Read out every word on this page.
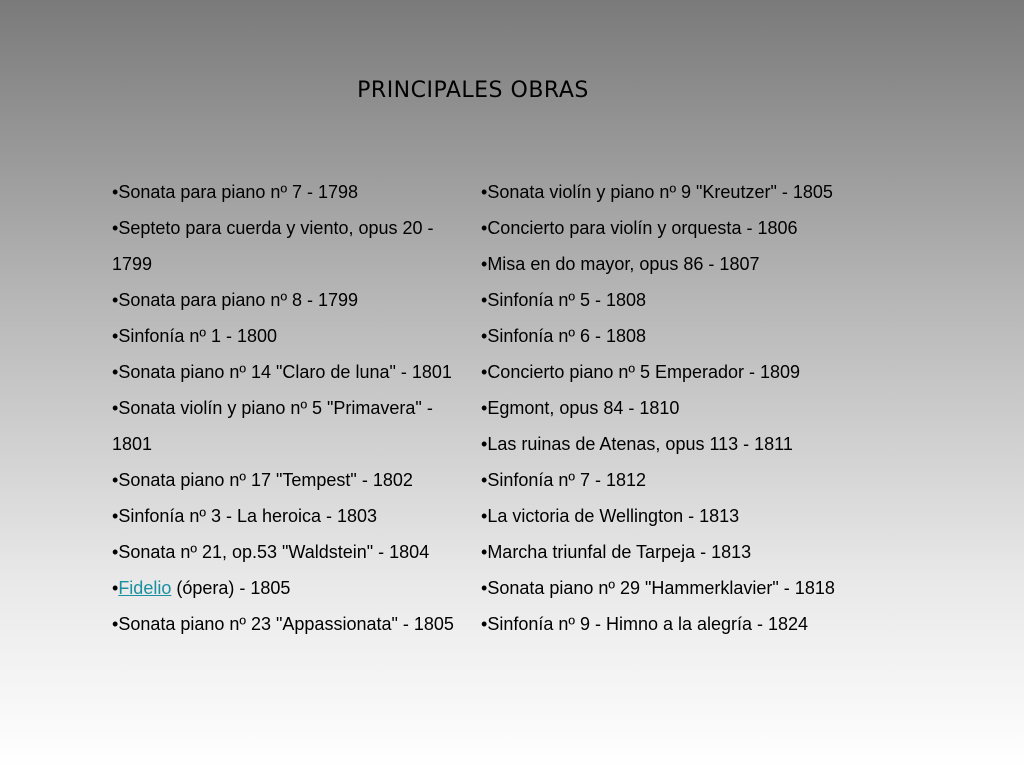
PRINCIPALES OBRAS
•Sonata para piano nº 7 - 1798
•Septeto para cuerda y viento, opus 20 - 1799
•Sonata para piano nº 8 - 1799
•Sinfonía nº 1 - 1800
•Sonata piano nº 14 "Claro de luna" - 1801
•Sonata violín y piano nº 5 "Primavera" - 1801
•Sonata piano nº 17 "Tempest" - 1802
•Sinfonía nº 3 - La heroica - 1803
•Sonata nº 21, op.53 "Waldstein" - 1804
•Fidelio (ópera) - 1805
•Sonata piano nº 23 "Appassionata" - 1805
•Sonata violín y piano nº 9 "Kreutzer" - 1805
•Concierto para violín y orquesta - 1806
•Misa en do mayor, opus 86 - 1807
•Sinfonía nº 5 - 1808
•Sinfonía nº 6 - 1808
•Concierto piano nº 5 Emperador - 1809
•Egmont, opus 84 - 1810
•Las ruinas de Atenas, opus 113 - 1811
•Sinfonía nº 7 - 1812
•La victoria de Wellington - 1813
•Marcha triunfal de Tarpeja - 1813
•Sonata piano nº 29 "Hammerklavier" - 1818
•Sinfonía nº 9 - Himno a la alegría - 1824
